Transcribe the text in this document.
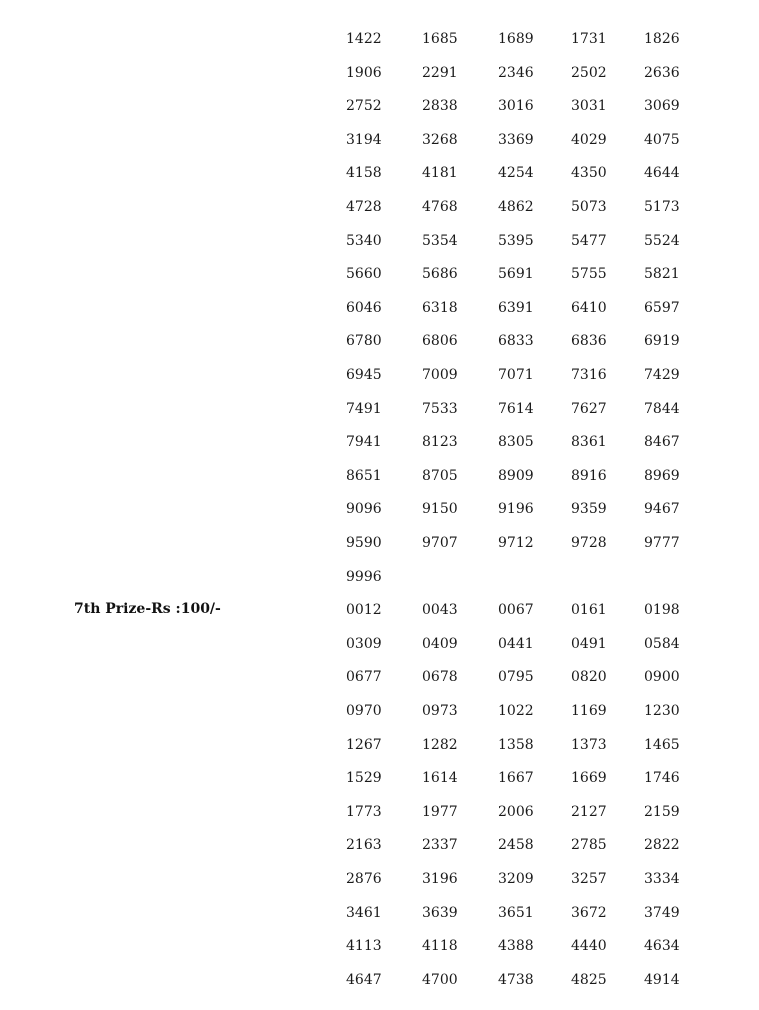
1422	1685	1689	1731	1826
1906	2291	2346	2502	2636
2752	2838	3016	3031	3069
3194	3268	3369	4029	4075
4158	4181	4254	4350	4644
4728	4768	4862	5073	5173
5340	5354	5395	5477	5524
5660	5686	5691	5755	5821
6046	6318	6391	6410	6597
6780	6806	6833	6836	6919
6945	7009	7071	7316	7429
7491	7533	7614	7627	7844
7941	8123	8305	8361	8467
8651	8705	8909	8916	8969
9096	9150	9196	9359	9467
9590	9707	9712	9728	9777
9996
7th Prize-Rs :100/-	0012	0043	0067	0161	0198
0309	0409	0441	0491	0584
0677	0678	0795	0820	0900
0970	0973	1022	1169	1230
1267	1282	1358	1373	1465
1529	1614	1667	1669	1746
1773	1977	2006	2127	2159
2163	2337	2458	2785	2822
2876	3196	3209	3257	3334
3461	3639	3651	3672	3749
4113	4118	4388	4440	4634
4647	4700	4738	4825	4914
